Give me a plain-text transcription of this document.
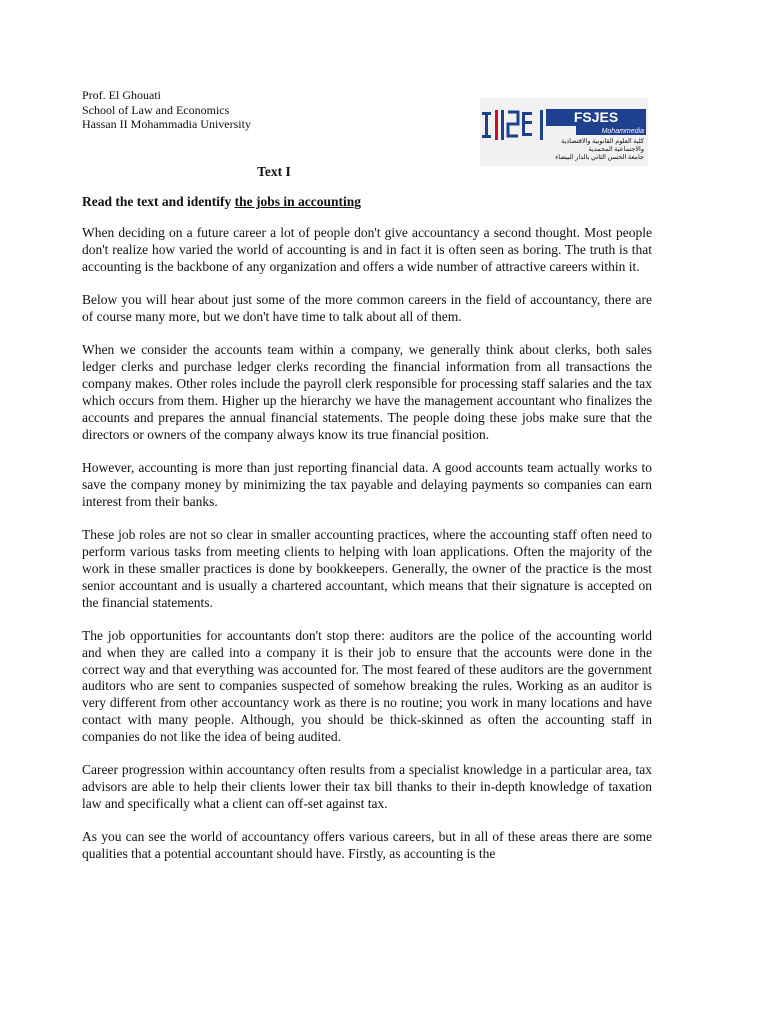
Prof. El Ghouati
School of Law and Economics
Hassan II Mohammadia University	FSJES
Mohammedia
كلية العلوم القانونية والاقتصادية
والاجتماعية المحمدية
جامعة الحسن الثاني بالدار البيضاء
Text I
Read the text and identify the jobs in accounting

When deciding on a future career a lot of people don't give accountancy a second thought. Most people don't realize how varied the world of accounting is and in fact it is often seen as boring. The truth is that accounting is the backbone of any organization and offers a wide number of attractive careers within it.

Below you will hear about just some of the more common careers in the field of accountancy, there are of course many more, but we don't have time to talk about all of them.

When we consider the accounts team within a company, we generally think about clerks, both sales ledger clerks and purchase ledger clerks recording the financial information from all transactions the company makes. Other roles include the payroll clerk responsible for processing staff salaries and the tax which occurs from them. Higher up the hierarchy we have the management accountant who finalizes the accounts and prepares the annual financial statements. The people doing these jobs make sure that the directors or owners of the company always know its true financial position.

However, accounting is more than just reporting financial data. A good accounts team actually works to save the company money by minimizing the tax payable and delaying payments so companies can earn interest from their banks.

These job roles are not so clear in smaller accounting practices, where the accounting staff often need to perform various tasks from meeting clients to helping with loan applications. Often the majority of the work in these smaller practices is done by bookkeepers. Generally, the owner of the practice is the most senior accountant and is usually a chartered accountant, which means that their signature is accepted on the financial statements.

The job opportunities for accountants don't stop there: auditors are the police of the accounting world and when they are called into a company it is their job to ensure that the accounts were done in the correct way and that everything was accounted for. The most feared of these auditors are the government auditors who are sent to companies suspected of somehow breaking the rules. Working as an auditor is very different from other accountancy work as there is no routine; you work in many locations and have contact with many people. Although, you should be thick-skinned as often the accounting staff in companies do not like the idea of being audited.

Career progression within accountancy often results from a specialist knowledge in a particular area, tax advisors are able to help their clients lower their tax bill thanks to their in-depth knowledge of taxation law and specifically what a client can off-set against tax.

As you can see the world of accountancy offers various careers, but in all of these areas there are some qualities that a potential accountant should have. Firstly, as accounting is the
